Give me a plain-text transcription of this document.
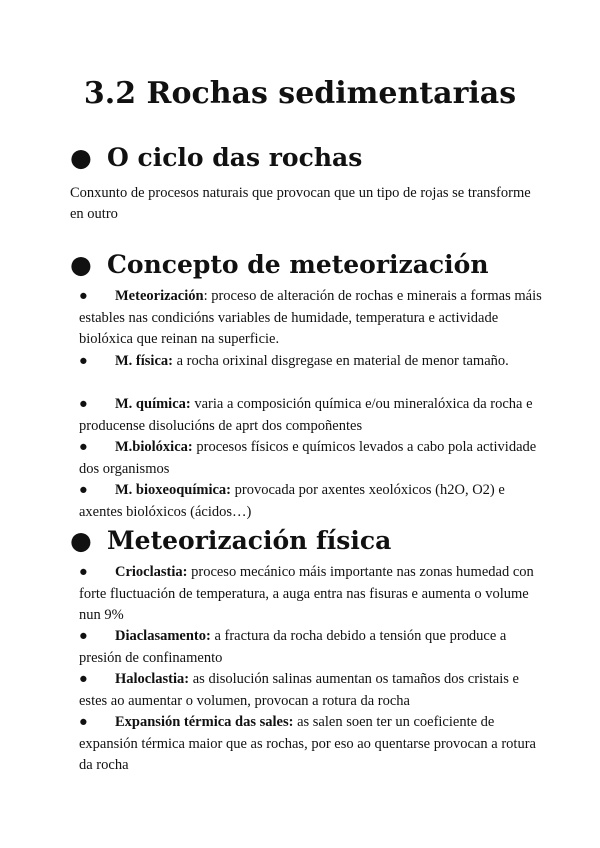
3.2 Rochas sedimentarias
● O ciclo das rochas

Conxunto de procesos naturais que provocan que un tipo de rojas se transforme en outro

● Concepto de meteorización

● Meteorización: proceso de alteración de rochas e minerais a formas máis estables nas condicións variables de humidade, temperatura e actividade biolóxica que reinan na superficie.

● M. física: a rocha orixinal disgregase en material de menor tamaño.

● M. química: varia a composición química e/ou mineralóxica da rocha e producense disolucións de aprt dos compoñentes

● M.biolóxica: procesos físicos e químicos levados a cabo pola actividade dos organismos

● M. bioxeoquímica: provocada por axentes xeolóxicos (h2O, O2) e axentes biolóxicos (ácidos…)

● Meteorización física

● Crioclastia: proceso mecánico máis importante nas zonas humedad con forte fluctuación de temperatura, a auga entra nas fisuras e aumenta o volume nun 9%

● Diaclasamento: a fractura da rocha debido a tensión que produce a presión de confinamento

● Haloclastia: as disolución salinas aumentan os tamaños dos cristais e estes ao aumentar o volumen, provocan a rotura da rocha

● Expansión térmica das sales: as salen soen ter un coeficiente de expansión térmica maior que as rochas, por eso ao quentarse provocan a rotura da rocha
